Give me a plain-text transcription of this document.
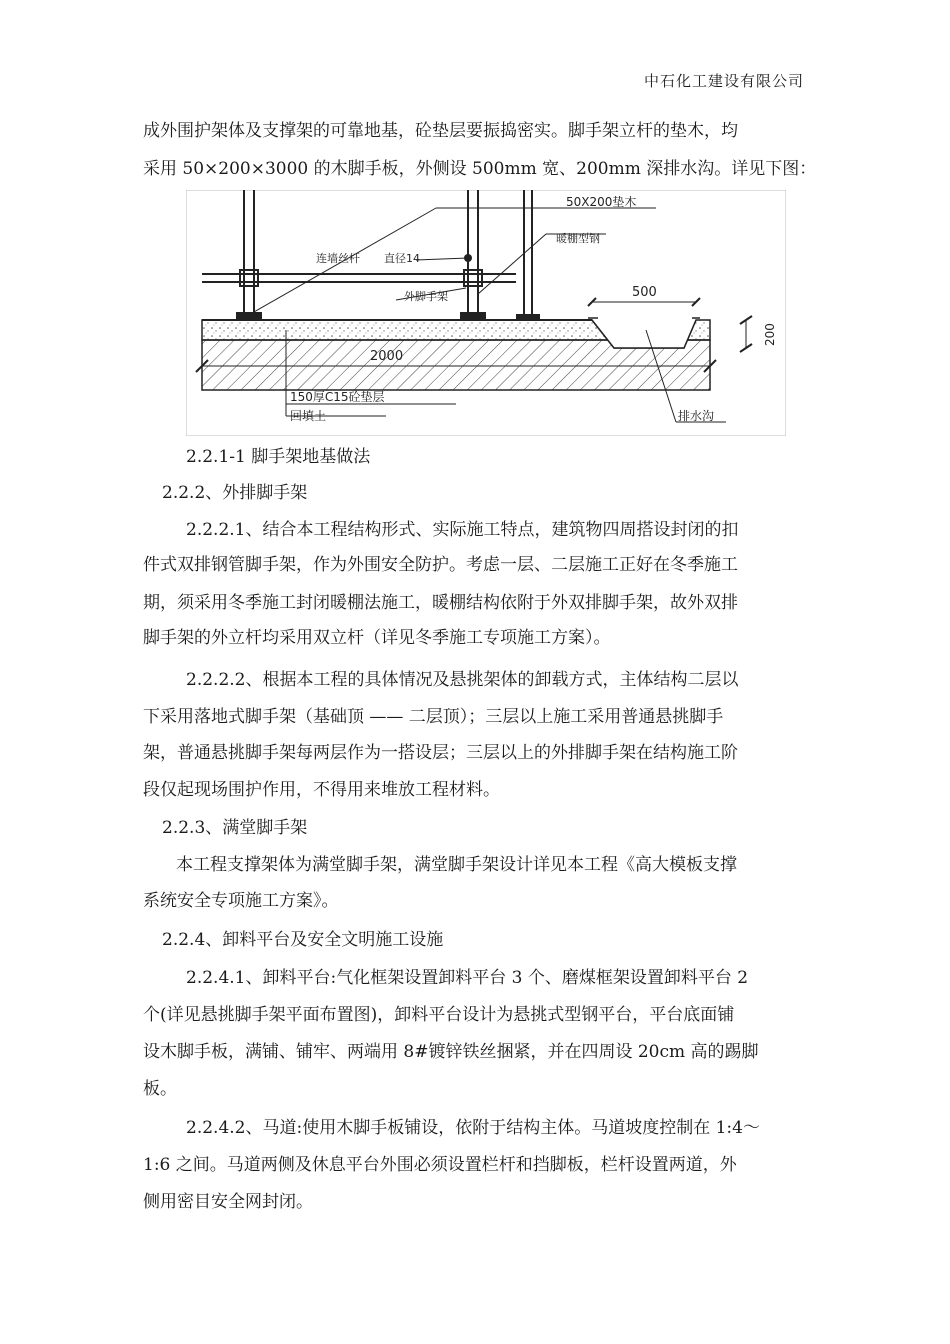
中石化工建设有限公司
成外围护架体及支撑架的可靠地基，砼垫层要振捣密实。脚手架立杆的垫木，均
采用 50×200×3000 的木脚手板，外侧设 500mm 宽、200mm 深排水沟。详见下图：
50X200垫木
暖棚型钢
连墙丝杆 直径14
外脚手架	500
200
2000
150厚C15砼垫层
回填土	排水沟
2.2.1-1 脚手架地基做法
2.2.2、外排脚手架
2.2.2.1、结合本工程结构形式、实际施工特点，建筑物四周搭设封闭的扣
件式双排钢管脚手架，作为外围安全防护。考虑一层、二层施工正好在冬季施工
期，须采用冬季施工封闭暖棚法施工，暖棚结构依附于外双排脚手架，故外双排
脚手架的外立杆均采用双立杆（详见冬季施工专项施工方案）。
2.2.2.2、根据本工程的具体情况及悬挑架体的卸载方式，主体结构二层以
下采用落地式脚手架（基础顶 —— 二层顶）；三层以上施工采用普通悬挑脚手
架，普通悬挑脚手架每两层作为一搭设层；三层以上的外排脚手架在结构施工阶
段仅起现场围护作用，不得用来堆放工程材料。
2.2.3、满堂脚手架
本工程支撑架体为满堂脚手架，满堂脚手架设计详见本工程《高大模板支撑
系统安全专项施工方案》。
2.2.4、卸料平台及安全文明施工设施
2.2.4.1、卸料平台:气化框架设置卸料平台 3 个、磨煤框架设置卸料平台 2
个(详见悬挑脚手架平面布置图)，卸料平台设计为悬挑式型钢平台，平台底面铺
设木脚手板，满铺、铺牢、两端用 8#镀锌铁丝捆紧，并在四周设 20cm 高的踢脚
板。
2.2.4.2、马道:使用木脚手板铺设，依附于结构主体。马道坡度控制在 1:4～
1:6 之间。马道两侧及休息平台外围必须设置栏杆和挡脚板，栏杆设置两道，外
侧用密目安全网封闭。
